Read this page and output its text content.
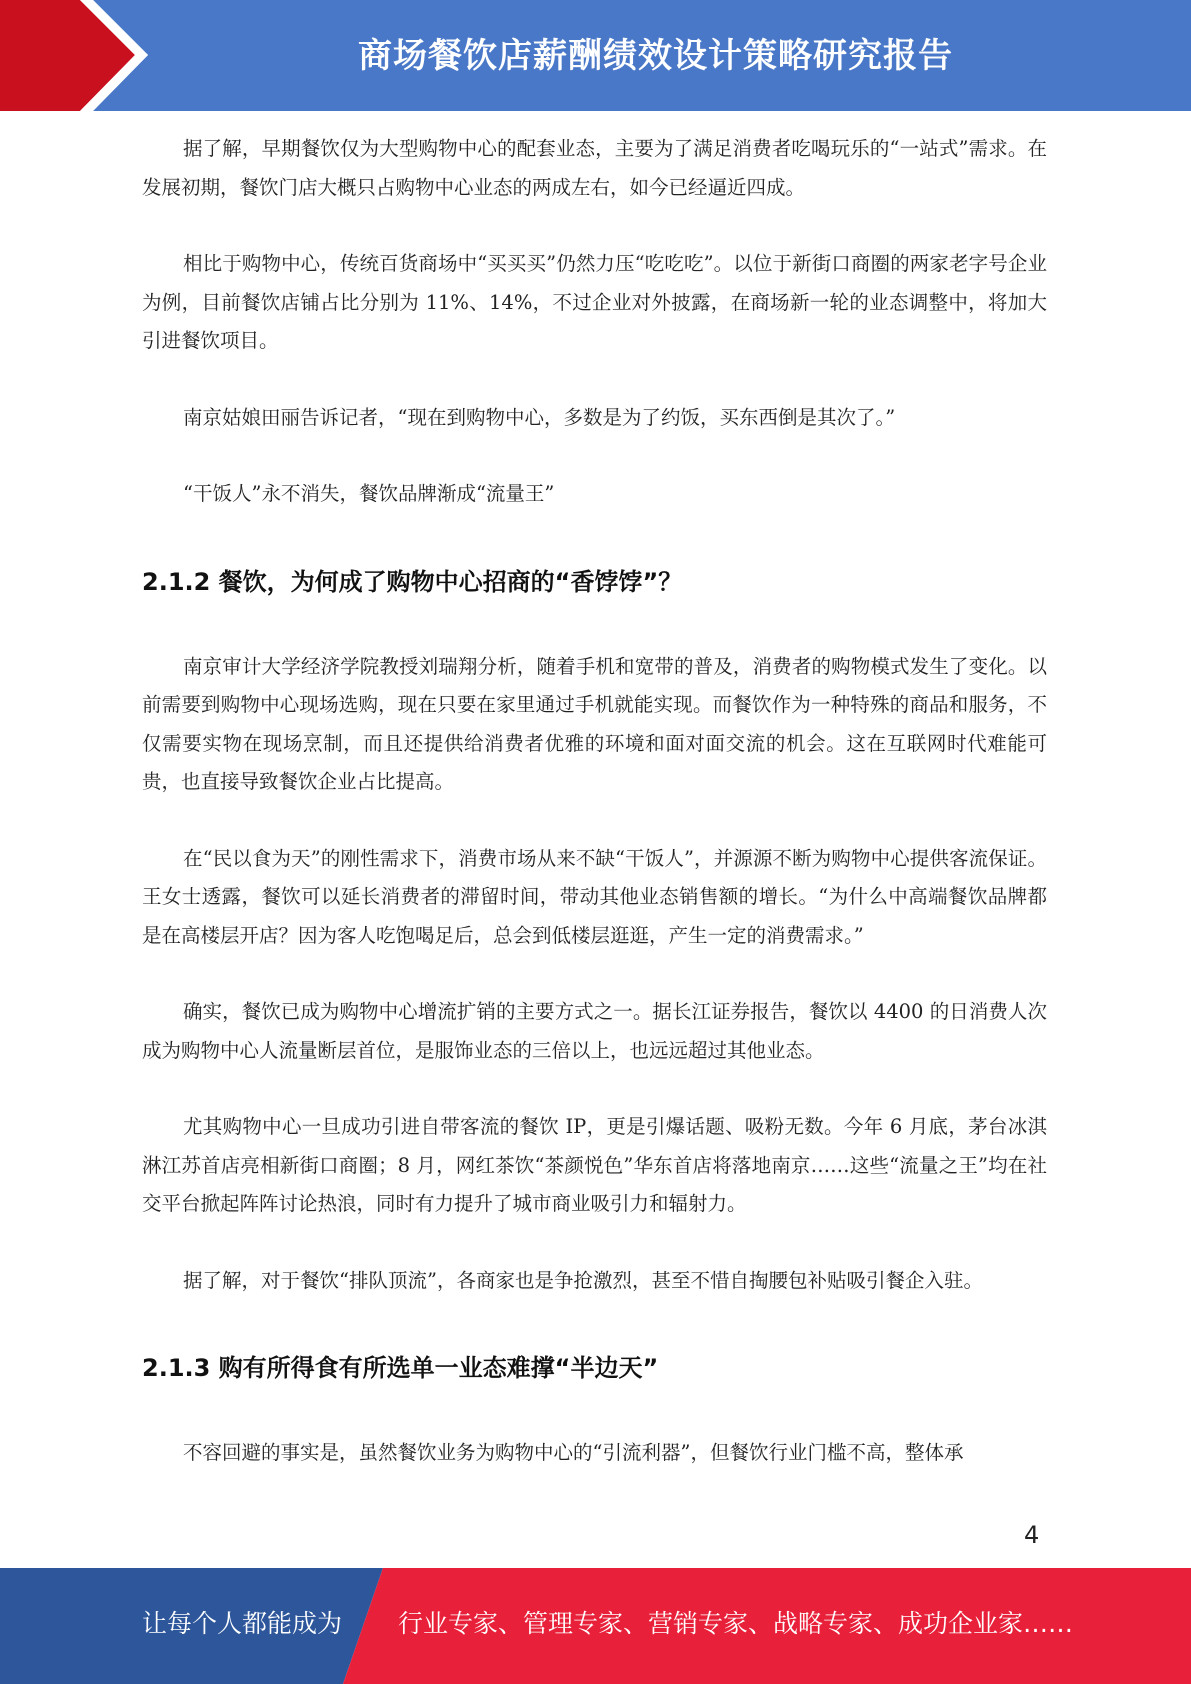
商场餐饮店薪酬绩效设计策略研究报告

据了解，早期餐饮仅为大型购物中心的配套业态，主要为了满足消费者吃喝玩乐的“一站式”需求。在发展初期，餐饮门店大概只占购物中心业态的两成左右，如今已经逼近四成。

相比于购物中心，传统百货商场中“买买买”仍然力压“吃吃吃”。以位于新街口商圈的两家老字号企业为例，目前餐饮店铺占比分别为 11%、14%，不过企业对外披露，在商场新一轮的业态调整中，将加大引进餐饮项目。

南京姑娘田丽告诉记者，“现在到购物中心，多数是为了约饭，买东西倒是其次了。”

“干饭人”永不消失，餐饮品牌渐成“流量王”

2.1.2 餐饮，为何成了购物中心招商的“香饽饽”？

南京审计大学经济学院教授刘瑞翔分析，随着手机和宽带的普及，消费者的购物模式发生了变化。以前需要到购物中心现场选购，现在只要在家里通过手机就能实现。而餐饮作为一种特殊的商品和服务，不仅需要实物在现场烹制，而且还提供给消费者优雅的环境和面对面交流的机会。这在互联网时代难能可贵，也直接导致餐饮企业占比提高。

在“民以食为天”的刚性需求下，消费市场从来不缺“干饭人”，并源源不断为购物中心提供客流保证。王女士透露，餐饮可以延长消费者的滞留时间，带动其他业态销售额的增长。“为什么中高端餐饮品牌都是在高楼层开店？因为客人吃饱喝足后，总会到低楼层逛逛，产生一定的消费需求。”

确实，餐饮已成为购物中心增流扩销的主要方式之一。据长江证券报告，餐饮以 4400 的日消费人次成为购物中心人流量断层首位，是服饰业态的三倍以上，也远远超过其他业态。

尤其购物中心一旦成功引进自带客流的餐饮 IP，更是引爆话题、吸粉无数。今年 6 月底，茅台冰淇淋江苏首店亮相新街口商圈；8 月，网红茶饮“茶颜悦色”华东首店将落地南京……这些“流量之王”均在社交平台掀起阵阵讨论热浪，同时有力提升了城市商业吸引力和辐射力。

据了解，对于餐饮“排队顶流”，各商家也是争抢激烈，甚至不惜自掏腰包补贴吸引餐企入驻。

2.1.3 购有所得食有所选单一业态难撑“半边天”

不容回避的事实是，虽然餐饮业务为购物中心的“引流利器”，但餐饮行业门槛不高，整体承

4
让每个人都能成为 行业专家、管理专家、营销专家、战略专家、成功企业家……
